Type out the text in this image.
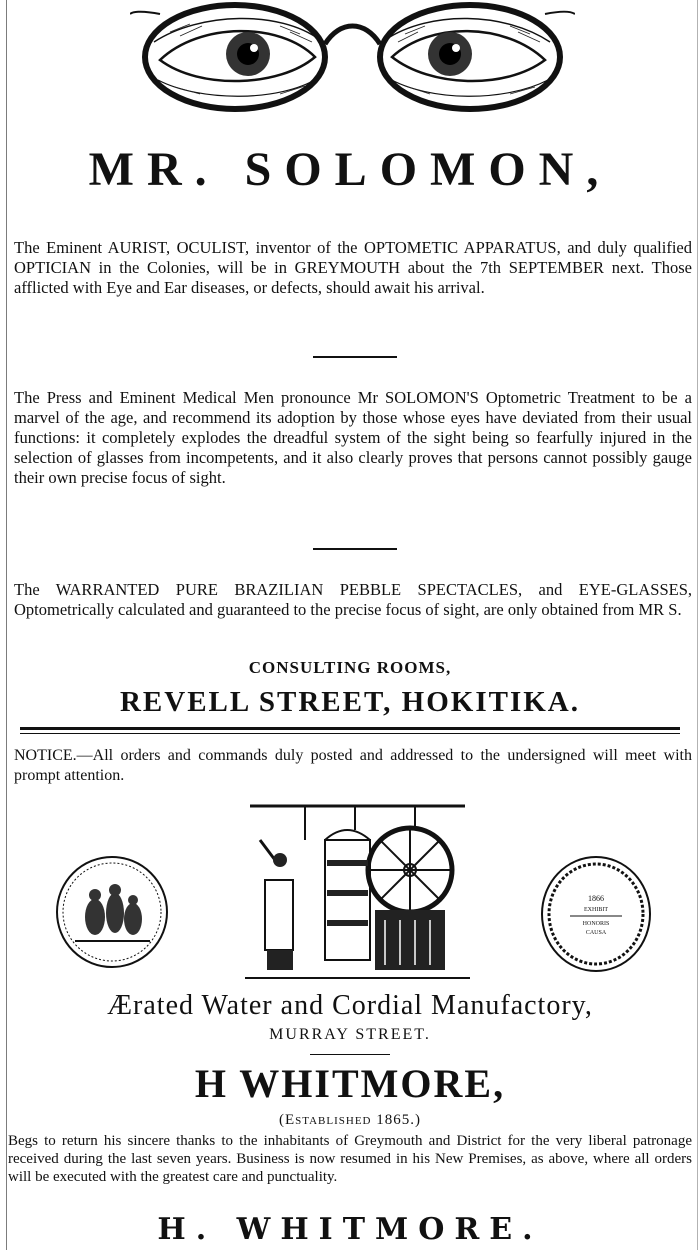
MR. SOLOMON,

The Eminent AURIST, OCULIST, inventor of the OPTOMETIC APPARATUS, and duly qualified OPTICIAN in the Colonies, will be in GREYMOUTH about the 7th SEPTEMBER next. Those afflicted with Eye and Ear diseases, or defects, should await his arrival.

The Press and Eminent Medical Men pronounce Mr SOLOMON'S Optometric Treatment to be a marvel of the age, and recommend its adoption by those whose eyes have deviated from their usual functions: it completely explodes the dreadful system of the sight being so fearfully injured in the selection of glasses from incompetents, and it also clearly proves that persons cannot possibly gauge their own precise focus of sight.

The WARRANTED PURE BRAZILIAN PEBBLE SPECTACLES, and EYE-GLASSES, Optometrically calculated and guaranteed to the precise focus of sight, are only obtained from MR S.

CONSULTING ROOMS,
REVELL STREET, HOKITIKA.

NOTICE.—All orders and commands duly posted and addressed to the undersigned will meet with prompt attention.

1866
EXHIBIT
HONORIS
CAUSA
Ærated Water and Cordial Manufactory,
MURRAY STREET.
H WHITMORE,
(Established 1865.)

Begs to return his sincere thanks to the inhabitants of Greymouth and District for the very liberal patronage received during the last seven years. Business is now resumed in his New Premises, as above, where all orders will be executed with the greatest care and punctuality.

H. WHITMORE.
